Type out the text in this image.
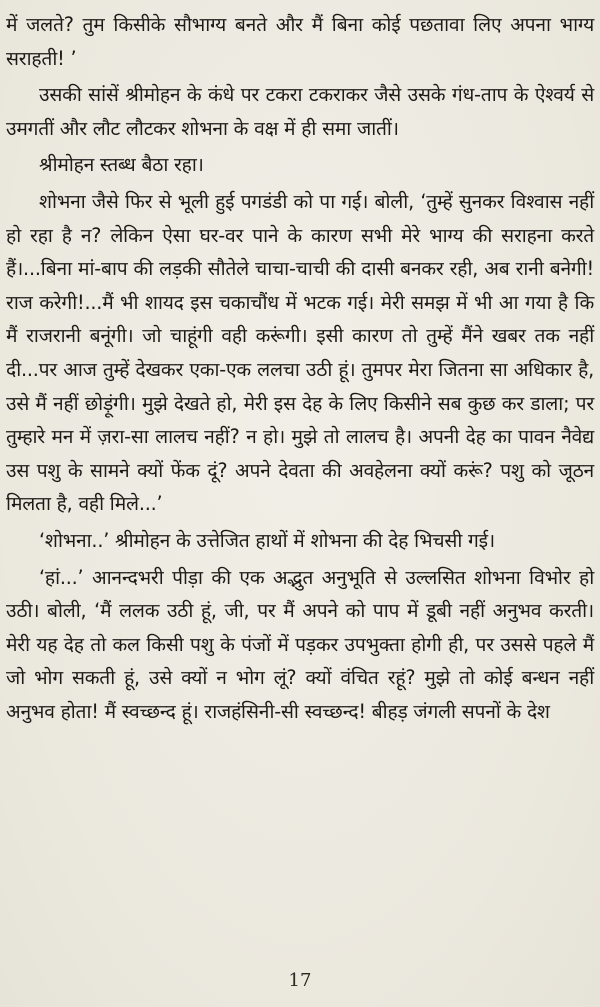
में जलते? तुम किसीके सौभाग्य बनते और मैं बिना कोई पछतावा लिए अपना भाग्य सराहती! ’

उसकी सांसें श्रीमोहन के कंधे पर टकरा टकराकर जैसे उसके गंध-ताप के ऐश्वर्य से उमगतीं और लौट लौटकर शोभना के वक्ष में ही समा जातीं।

श्रीमोहन स्तब्ध बैठा रहा।

शोभना जैसे फिर से भूली हुई पगडंडी को पा गई। बोली, ‘तुम्हें सुनकर विश्वास नहीं हो रहा है न? लेकिन ऐसा घर-वर पाने के कारण सभी मेरे भाग्य की सराहना करते हैं।...बिना मां-बाप की लड़की सौतेले चाचा-चाची की दासी बनकर रही, अब रानी बनेगी! राज करेगी!...मैं भी शायद इस चकाचौंध में भटक गई। मेरी समझ में भी आ गया है कि मैं राजरानी बनूंगी। जो चाहूंगी वही करूंगी। इसी कारण तो तुम्हें मैंने खबर तक नहीं दी...पर आज तुम्हें देखकर एका-एक ललचा उठी हूं। तुमपर मेरा जितना सा अधिकार है, उसे मैं नहीं छोड़ूंगी। मुझे देखते हो, मेरी इस देह के लिए किसीने सब कुछ कर डाला; पर तुम्हारे मन में ज़रा-सा लालच नहीं? न हो। मुझे तो लालच है। अपनी देह का पावन नैवेद्य उस पशु के सामने क्यों फेंक दूं? अपने देवता की अवहेलना क्यों करूं? पशु को जूठन मिलता है, वही मिले...’

‘शोभना..’ श्रीमोहन के उत्तेजित हाथों में शोभना की देह भिचसी गई।

‘हां...’ आनन्दभरी पीड़ा की एक अद्भुत अनुभूति से उल्लसित शोभना विभोर हो उठी। बोली, ‘मैं ललक उठी हूं, जी, पर मैं अपने को पाप में डूबी नहीं अनुभव करती। मेरी यह देह तो कल किसी पशु के पंजों में पड़कर उपभुक्ता होगी ही, पर उससे पहले मैं जो भोग सकती हूं, उसे क्यों न भोग लूं? क्यों वंचित रहूं? मुझे तो कोई बन्धन नहीं अनुभव होता! मैं स्वच्छन्द हूं। राजहंसिनी-सी स्वच्छन्द! बीहड़ जंगली सपनों के देश

17
